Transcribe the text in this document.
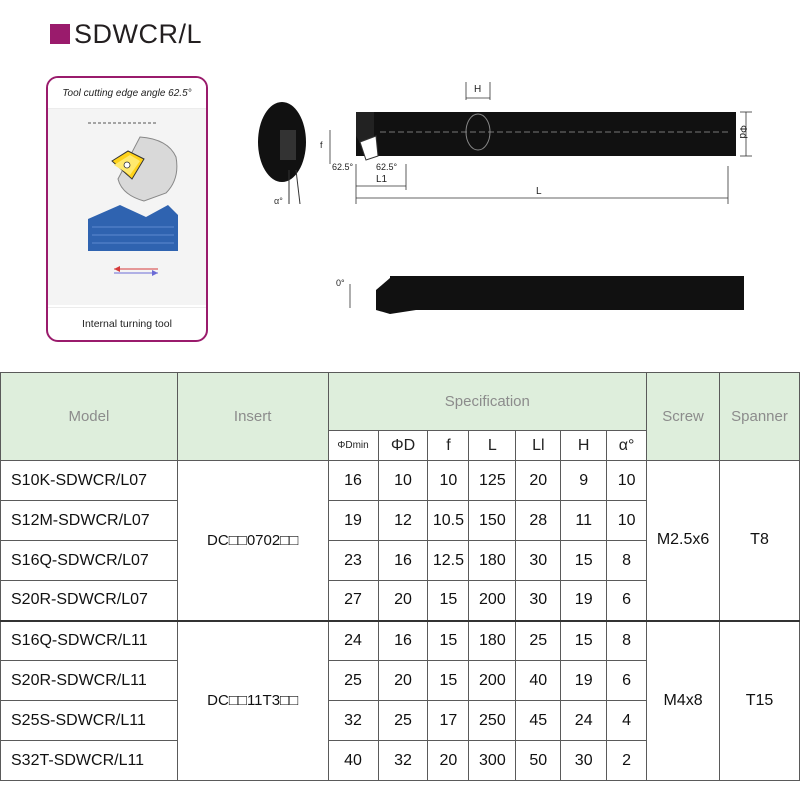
SDWCR/L
Tool cutting edge angle 62.5°
Internal turning tool
α°
H
Φd
f
62.5°	62.5°
L1
L
0°
Model	Insert	Specification							Screw	Spanner
		ΦDmin	ΦD	f	L	Ll	H	α°		
S10K-SDWCR/L07	DC□□0702□□	16	10	10	125	20	9	10	M2.5x6	T8
S12M-SDWCR/L07		19	12	10.5	150	28	11	10		
S16Q-SDWCR/L07		23	16	12.5	180	30	15	8		
S20R-SDWCR/L07		27	20	15	200	30	19	6		
S16Q-SDWCR/L11	DC□□11T3□□	24	16	15	180	25	15	8	M4x8	T15
S20R-SDWCR/L11		25	20	15	200	40	19	6		
S25S-SDWCR/L11		32	25	17	250	45	24	4		
S32T-SDWCR/L11		40	32	20	300	50	30	2		
